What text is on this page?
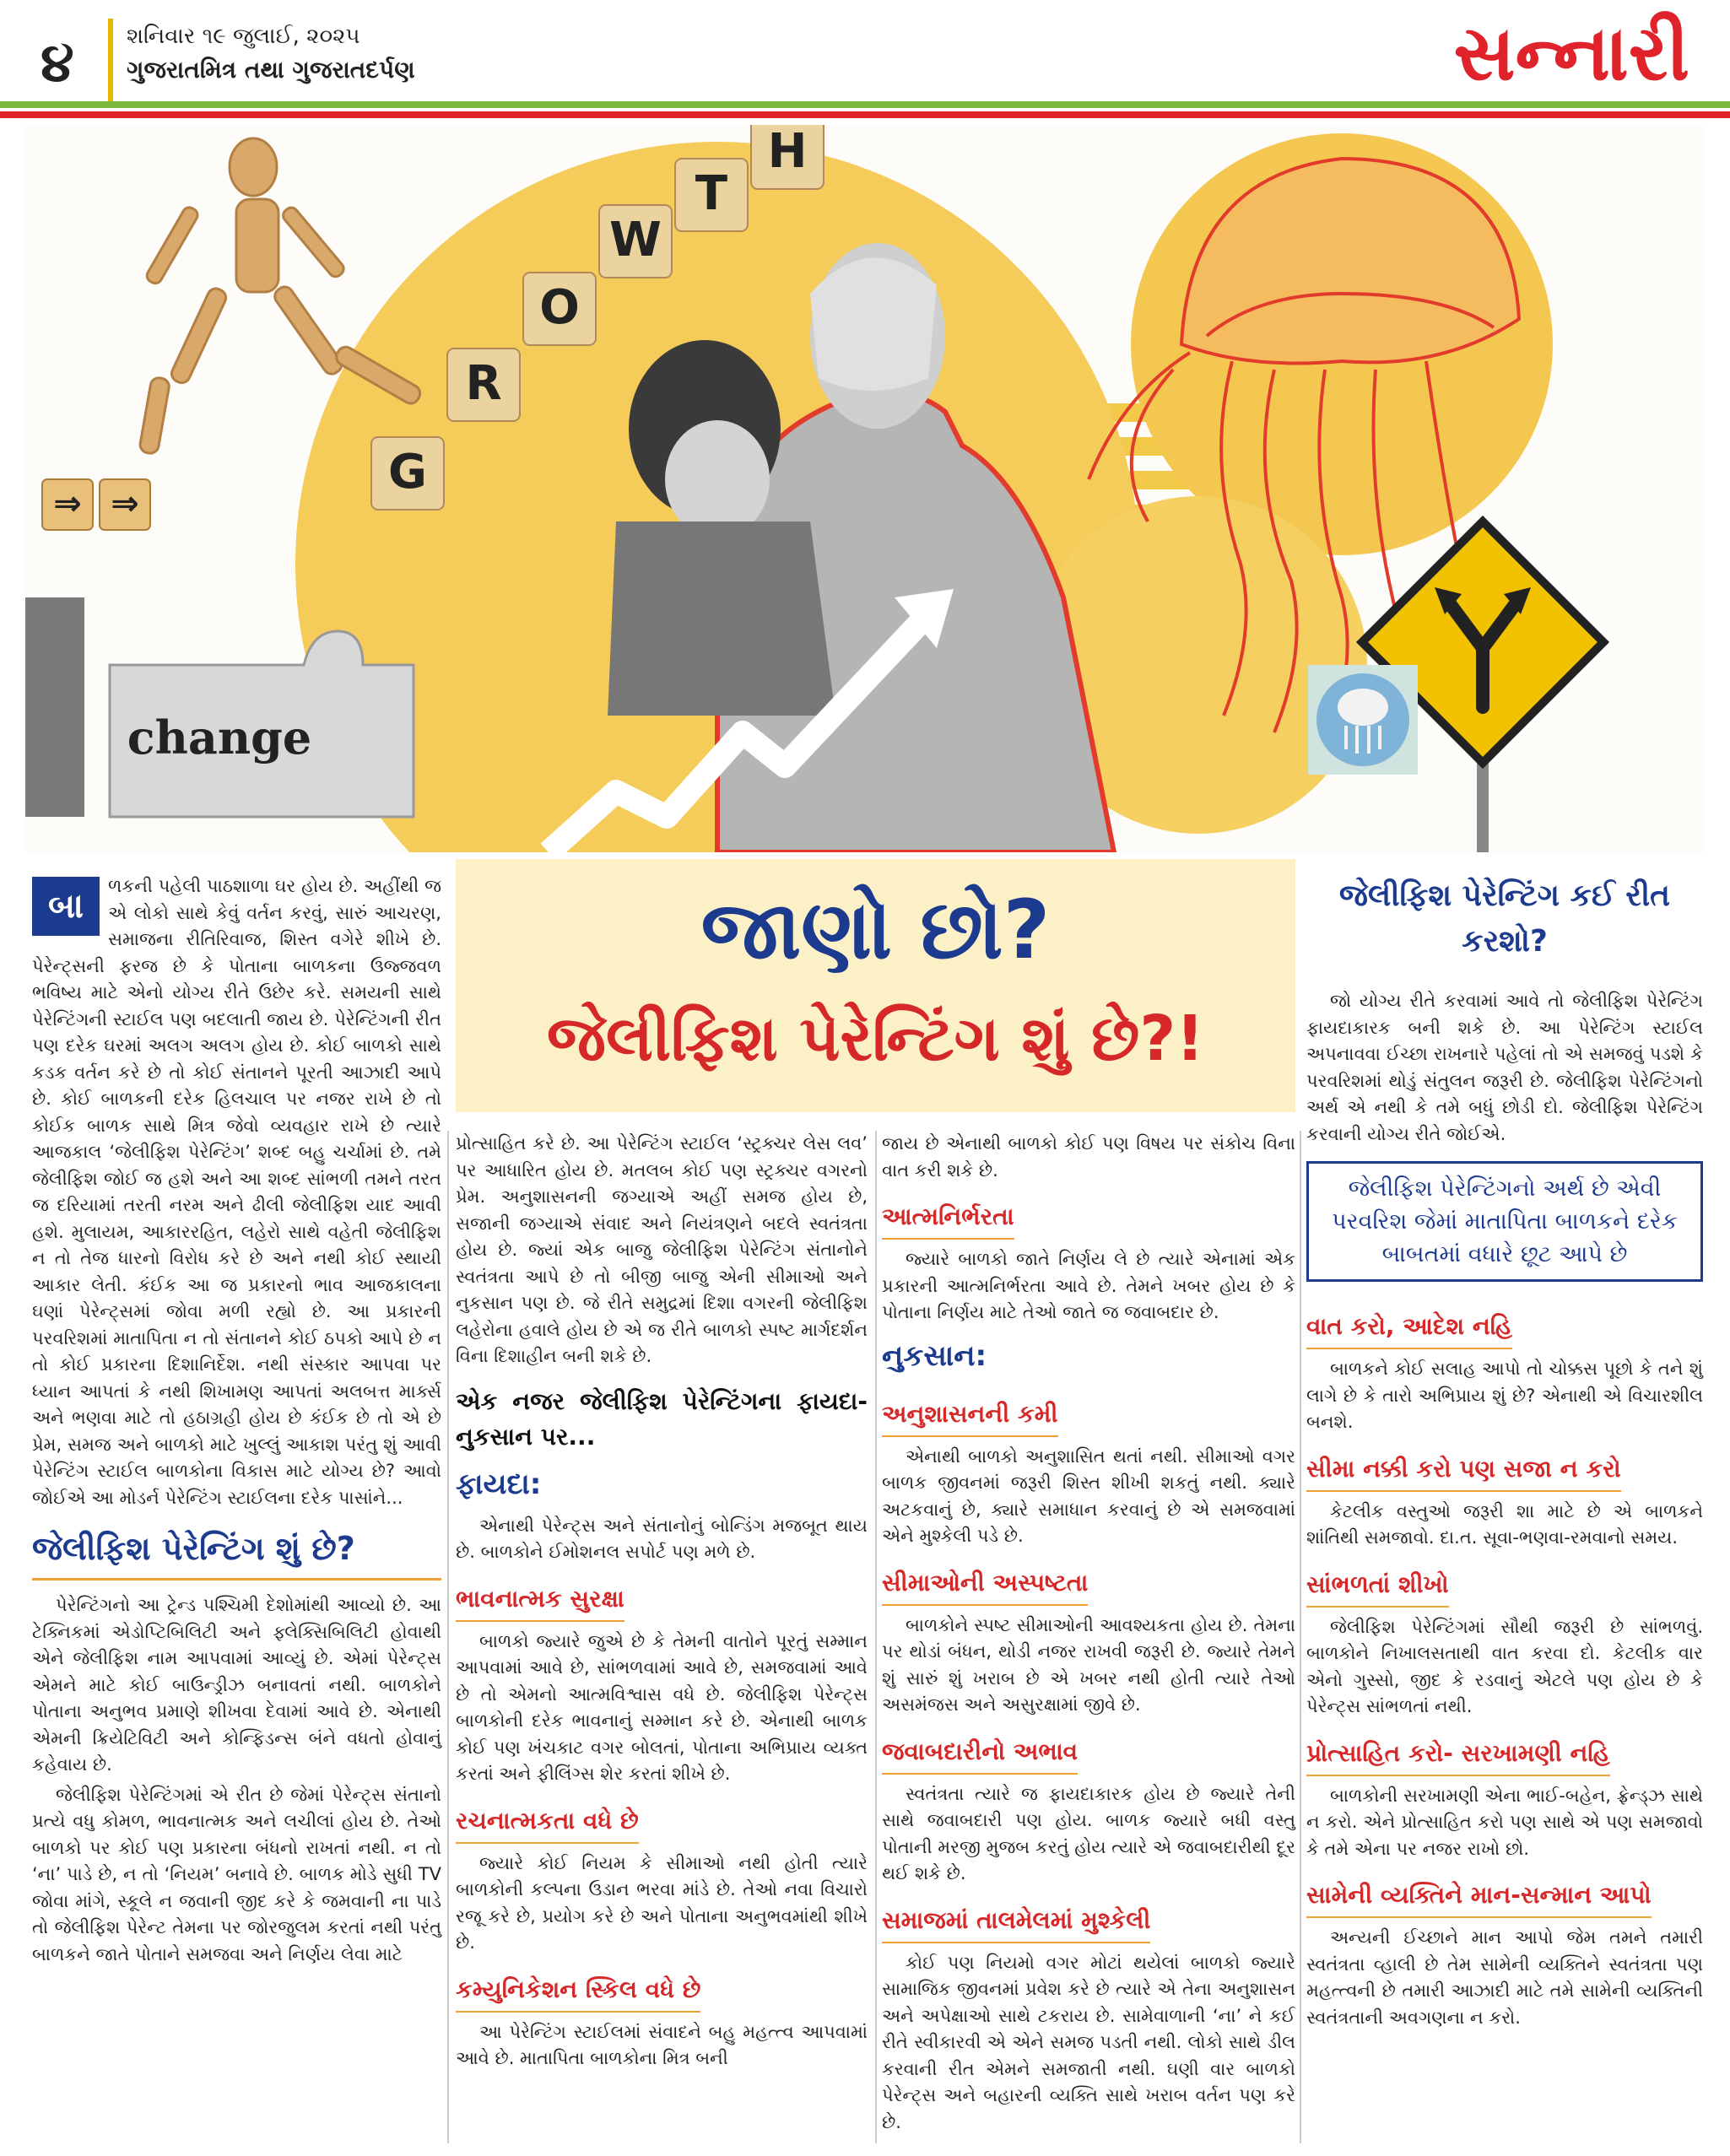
૪ શનિવાર ૧૯ જુલાઈ, ૨૦૨૫
ગુજરાતમિત્ર તથા ગુજરાતદર્પણ	સન્નારી
⇒ ⇒
G
R
O
W
T
H
change
જાણો છો?
જેલીફિશ પેરેન્ટિંગ શું છે?!
બા
ળકની પહેલી પાઠશાળા ઘર હોય છે. અહીંથી જ એ લોકો સાથે કેવું વર્તન કરવું, સારું આચરણ, સમાજના રીતિરિવાજ, શિસ્ત વગેરે શીખે છે. પેરેન્ટ્સની ફરજ છે કે પોતાના બાળકના ઉજ્જવળ ભવિષ્ય માટે એનો યોગ્ય રીતે ઉછેર કરે. સમયની સાથે પેરેન્ટિંગની સ્ટાઈલ પણ બદલાતી જાય છે. પેરેન્ટિંગની રીત પણ દરેક ઘરમાં અલગ અલગ હોય છે. કોઈ બાળકો સાથે કડક વર્તન કરે છે તો કોઈ સંતાનને પૂરતી આઝાદી આપે છે. કોઈ બાળકની દરેક હિલચાલ પર નજર રાખે છે તો કોઈક બાળક સાથે મિત્ર જેવો વ્યવહાર રાખે છે ત્યારે આજકાલ ‘જેલીફિશ પેરેન્ટિંગ’ શબ્દ બહુ ચર્ચામાં છે. તમે જેલીફિશ જોઈ જ હશે અને આ શબ્દ સાંભળી તમને તરત જ દરિયામાં તરતી નરમ અને ઢીલી જેલીફિશ યાદ આવી હશે. મુલાયમ, આકારરહિત, લહેરો સાથે વહેતી જેલીફિશ ન તો તેજ ધારનો વિરોધ કરે છે અને નથી કોઈ સ્થાયી આકાર લેતી. કંઈક આ જ પ્રકારનો ભાવ આજકાલના ઘણાં પેરેન્ટ્સમાં જોવા મળી રહ્યો છે. આ પ્રકારની પરવરિશમાં માતાપિતા ન તો સંતાનને કોઈ ઠપકો આપે છે ન તો કોઈ પ્રકારના દિશાનિર્દેશ. નથી સંસ્કાર આપવા પર ધ્યાન આપતાં કે નથી શિખામણ આપતાં અલબત્ત માર્ક્સ અને ભણવા માટે તો હઠાગ્રહી હોય છે કંઈક છે તો એ છે પ્રેમ, સમજ અને બાળકો માટે ખુલ્લું આકાશ પરંતુ શું આવી પેરેન્ટિંગ સ્ટાઈલ બાળકોના વિકાસ માટે યોગ્ય છે? આવો જોઈએ આ મોડર્ન પેરેન્ટિંગ સ્ટાઈલના દરેક પાસાંને...
જેલીફિશ પેરેન્ટિંગ શું છે?

પેરેન્ટિંગનો આ ટ્રેન્ડ પશ્ચિમી દેશોમાંથી આવ્યો છે. આ ટેક્નિકમાં એડોપ્ટિબિલિટી અને ફ્લેક્સિબિલિટી હોવાથી એને જેલીફિશ નામ આપવામાં આવ્યું છે. એમાં પેરેન્ટ્સ એમને માટે કોઈ બાઉન્ડ્રીઝ બનાવતાં નથી. બાળકોને પોતાના અનુભવ પ્રમાણે શીખવા દેવામાં આવે છે. એનાથી એમની ક્રિયેટિવિટી અને કોન્ફિડન્સ બંને વધતો હોવાનું કહેવાય છે.

જેલીફિશ પેરેન્ટિંગમાં એ રીત છે જેમાં પેરેન્ટ્સ સંતાનો પ્રત્યે વધુ કોમળ, ભાવનાત્મક અને લચીલાં હોય છે. તેઓ બાળકો પર કોઈ પણ પ્રકારના બંધનો રાખતાં નથી. ન તો ‘ના’ પાડે છે, ન તો ‘નિયમ’ બનાવે છે. બાળક મોડે સુધી TV જોવા માંગે, સ્કૂલે ન જવાની જીદ કરે કે જમવાની ના પાડે તો જેલીફિશ પેરેન્ટ તેમના પર જોરજુલમ કરતાં નથી પરંતુ બાળકને જાતે પોતાને સમજવા અને નિર્ણય લેવા માટે

પ્રોત્સાહિત કરે છે. આ પેરેન્ટિંગ સ્ટાઈલ ‘સ્ટ્રક્ચર લેસ લવ’ પર આધારિત હોય છે. મતલબ કોઈ પણ સ્ટ્રક્ચર વગરનો પ્રેમ. અનુશાસનની જગ્યાએ અહીં સમજ હોય છે, સજાની જગ્યાએ સંવાદ અને નિયંત્રણને બદલે સ્વતંત્રતા હોય છે. જ્યાં એક બાજુ જેલીફિશ પેરેન્ટિંગ સંતાનોને સ્વતંત્રતા આપે છે તો બીજી બાજુ એની સીમાઓ અને નુકસાન પણ છે. જે રીતે સમુદ્રમાં દિશા વગરની જેલીફિશ લહેરોના હવાલે હોય છે એ જ રીતે બાળકો સ્પષ્ટ માર્ગદર્શન વિના દિશાહીન બની શકે છે.

એક નજર જેલીફિશ પેરેન્ટિંગના ફાયદા-નુકસાન પર...
ફાયદા:

એનાથી પેરેન્ટ્સ અને સંતાનોનું બોન્ડિંગ મજબૂત થાય છે. બાળકોને ઈમોશનલ સપોર્ટ પણ મળે છે.

ભાવનાત્મક સુરક્ષા

બાળકો જ્યારે જુએ છે કે તેમની વાતોને પૂરતું સમ્માન આપવામાં આવે છે, સાંભળવામાં આવે છે, સમજવામાં આવે છે તો એમનો આત્મવિશ્વાસ વધે છે. જેલીફિશ પેરેન્ટ્સ બાળકોની દરેક ભાવનાનું સમ્માન કરે છે. એનાથી બાળક કોઈ પણ ખંચકાટ વગર બોલતાં, પોતાના અભિપ્રાય વ્યક્ત કરતાં અને ફીલિંગ્સ શેર કરતાં શીખે છે.

રચનાત્મકતા વધે છે

જ્યારે કોઈ નિયમ કે સીમાઓ નથી હોતી ત્યારે બાળકોની કલ્પના ઉડાન ભરવા માંડે છે. તેઓ નવા વિચારો રજૂ કરે છે, પ્રયોગ કરે છે અને પોતાના અનુભવમાંથી શીખે છે.

કમ્યુનિકેશન સ્કિલ વધે છે

આ પેરેન્ટિંગ સ્ટાઈલમાં સંવાદને બહુ મહત્ત્વ આપવામાં આવે છે. માતાપિતા બાળકોના મિત્ર બની

જાય છે એનાથી બાળકો કોઈ પણ વિષય પર સંકોચ વિના વાત કરી શકે છે.

આત્મનિર્ભરતા

જ્યારે બાળકો જાતે નિર્ણય લે છે ત્યારે એનામાં એક પ્રકારની આત્મનિર્ભરતા આવે છે. તેમને ખબર હોય છે કે પોતાના નિર્ણય માટે તેઓ જાતે જ જવાબદાર છે.

નુકસાન:
અનુશાસનની કમી

એનાથી બાળકો અનુશાસિત થતાં નથી. સીમાઓ વગર બાળક જીવનમાં જરૂરી શિસ્ત શીખી શકતું નથી. ક્યારે અટકવાનું છે, ક્યારે સમાધાન કરવાનું છે એ સમજવામાં એને મુશ્કેલી પડે છે.

સીમાઓની અસ્પષ્ટતા

બાળકોને સ્પષ્ટ સીમાઓની આવશ્યકતા હોય છે. તેમના પર થોડાં બંધન, થોડી નજર રાખવી જરૂરી છે. જ્યારે તેમને શું સારું શું ખરાબ છે એ ખબર નથી હોતી ત્યારે તેઓ અસમંજસ અને અસુરક્ષામાં જીવે છે.

જવાબદારીનો અભાવ

સ્વતંત્રતા ત્યારે જ ફાયદાકારક હોય છે જ્યારે તેની સાથે જવાબદારી પણ હોય. બાળક જ્યારે બધી વસ્તુ પોતાની મરજી મુજબ કરતું હોય ત્યારે એ જવાબદારીથી દૂર થઈ શકે છે.

સમાજમાં તાલમેલમાં મુશ્કેલી

કોઈ પણ નિયમો વગર મોટાં થયેલાં બાળકો જ્યારે સામાજિક જીવનમાં પ્રવેશ કરે છે ત્યારે એ તેના અનુશાસન અને અપેક્ષાઓ સાથે ટકરાય છે. સામેવાળાની ‘ના’ ને કઈ રીતે સ્વીકારવી એ એને સમજ પડતી નથી. લોકો સાથે ડીલ કરવાની રીત એમને સમજાતી નથી. ઘણી વાર બાળકો પેરેન્ટ્સ અને બહારની વ્યક્તિ સાથે ખરાબ વર્તન પણ કરે છે.

જેલીફિશ પેરેન્ટિંગ કઈ રીત કરશો?

જો યોગ્ય રીતે કરવામાં આવે તો જેલીફિશ પેરેન્ટિંગ ફાયદાકારક બની શકે છે. આ પેરેન્ટિંગ સ્ટાઈલ અપનાવવા ઈચ્છા રાખનારે પહેલાં તો એ સમજવું પડશે કે પરવરિશમાં થોડું સંતુલન જરૂરી છે. જેલીફિશ પેરેન્ટિંગનો અર્થ એ નથી કે તમે બધું છોડી દો. જેલીફિશ પેરેન્ટિંગ કરવાની યોગ્ય રીતે જોઈએ.

જેલીફિશ પેરેન્ટિંગનો અર્થ છે એવી પરવરિશ જેમાં માતાપિતા બાળકને દરેક બાબતમાં વધારે છૂટ આપે છે
વાત કરો, આદેશ નહિ

બાળકને કોઈ સલાહ આપો તો ચોક્કસ પૂછો કે તને શું લાગે છે કે તારો અભિપ્રાય શું છે? એનાથી એ વિચારશીલ બનશે.

સીમા નક્કી કરો પણ સજા ન કરો

કેટલીક વસ્તુઓ જરૂરી શા માટે છે એ બાળકને શાંતિથી સમજાવો. દા.ત. સૂવા-ભણવા-રમવાનો સમય.

સાંભળતાં શીખો

જેલીફિશ પેરેન્ટિંગમાં સૌથી જરૂરી છે સાંભળવું. બાળકોને નિખાલસતાથી વાત કરવા દો. કેટલીક વાર એનો ગુસ્સો, જીદ કે રડવાનું એટલે પણ હોય છે કે પેરેન્ટ્સ સાંભળતાં નથી.

પ્રોત્સાહિત કરો- સરખામણી નહિ

બાળકોની સરખામણી એના ભાઈ-બહેન, ફ્રેન્ડ્ઝ સાથે ન કરો. એને પ્રોત્સાહિત કરો પણ સાથે એ પણ સમજાવો કે તમે એના પર નજર રાખો છો.

સામેની વ્યક્તિને માન-સન્માન આપો

અન્યની ઈચ્છાને માન આપો જેમ તમને તમારી સ્વતંત્રતા વ્હાલી છે તેમ સામેની વ્યક્તિને સ્વતંત્રતા પણ મહત્ત્વની છે તમારી આઝાદી માટે તમે સામેની વ્યક્તિની સ્વતંત્રતાની અવગણના ન કરો.
